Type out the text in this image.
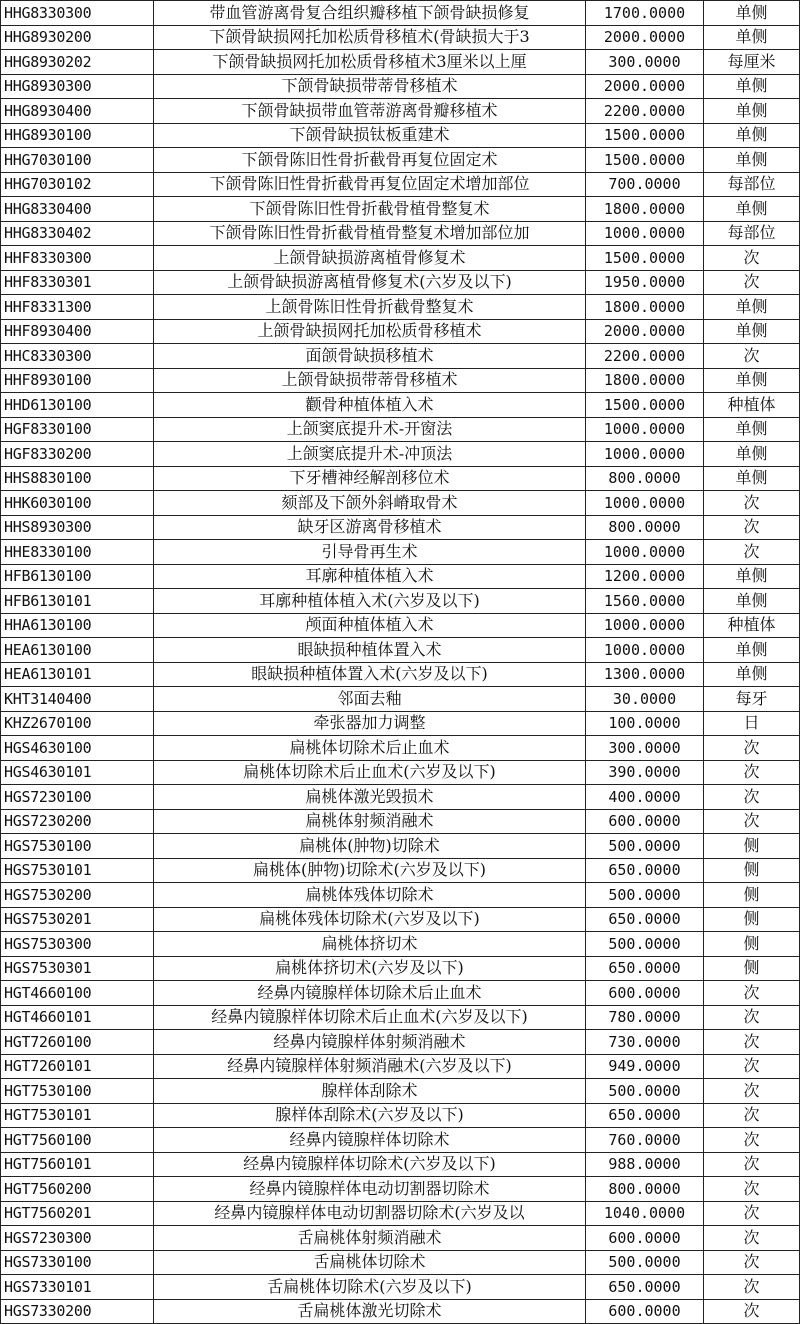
HHG8330300	带血管游离骨复合组织瓣移植下颌骨缺损修复	1700.0000	单侧
HHG8930200	下颌骨缺损网托加松质骨移植术(骨缺损大于3	2000.0000	单侧
HHG8930202	下颌骨缺损网托加松质骨移植术3厘米以上厘	300.0000	每厘米
HHG8930300	下颌骨缺损带蒂骨移植术	2000.0000	单侧
HHG8930400	下颌骨缺损带血管蒂游离骨瓣移植术	2200.0000	单侧
HHG8930100	下颌骨缺损钛板重建术	1500.0000	单侧
HHG7030100	下颌骨陈旧性骨折截骨再复位固定术	1500.0000	单侧
HHG7030102	下颌骨陈旧性骨折截骨再复位固定术增加部位	700.0000	每部位
HHG8330400	下颌骨陈旧性骨折截骨植骨整复术	1800.0000	单侧
HHG8330402	下颌骨陈旧性骨折截骨植骨整复术增加部位加	1000.0000	每部位
HHF8330300	上颌骨缺损游离植骨修复术	1500.0000	次
HHF8330301	上颌骨缺损游离植骨修复术(六岁及以下)	1950.0000	次
HHF8331300	上颌骨陈旧性骨折截骨整复术	1800.0000	单侧
HHF8930400	上颌骨缺损网托加松质骨移植术	2000.0000	单侧
HHC8330300	面颌骨缺损移植术	2200.0000	次
HHF8930100	上颌骨缺损带蒂骨移植术	1800.0000	单侧
HHD6130100	颧骨种植体植入术	1500.0000	种植体
HGF8330100	上颌窦底提升术-开窗法	1000.0000	单侧
HGF8330200	上颌窦底提升术-冲顶法	1000.0000	单侧
HHS8830100	下牙槽神经解剖移位术	800.0000	单侧
HHK6030100	颏部及下颌外斜嵴取骨术	1000.0000	次
HHS8930300	缺牙区游离骨移植术	800.0000	次
HHE8330100	引导骨再生术	1000.0000	次
HFB6130100	耳廓种植体植入术	1200.0000	单侧
HFB6130101	耳廓种植体植入术(六岁及以下)	1560.0000	单侧
HHA6130100	颅面种植体植入术	1000.0000	种植体
HEA6130100	眼缺损种植体置入术	1000.0000	单侧
HEA6130101	眼缺损种植体置入术(六岁及以下)	1300.0000	单侧
KHT3140400	邻面去釉	30.0000	每牙
KHZ2670100	牵张器加力调整	100.0000	日
HGS4630100	扁桃体切除术后止血术	300.0000	次
HGS4630101	扁桃体切除术后止血术(六岁及以下)	390.0000	次
HGS7230100	扁桃体激光毁损术	400.0000	次
HGS7230200	扁桃体射频消融术	600.0000	次
HGS7530100	扁桃体(肿物)切除术	500.0000	侧
HGS7530101	扁桃体(肿物)切除术(六岁及以下)	650.0000	侧
HGS7530200	扁桃体残体切除术	500.0000	侧
HGS7530201	扁桃体残体切除术(六岁及以下)	650.0000	侧
HGS7530300	扁桃体挤切术	500.0000	侧
HGS7530301	扁桃体挤切术(六岁及以下)	650.0000	侧
HGT4660100	经鼻内镜腺样体切除术后止血术	600.0000	次
HGT4660101	经鼻内镜腺样体切除术后止血术(六岁及以下)	780.0000	次
HGT7260100	经鼻内镜腺样体射频消融术	730.0000	次
HGT7260101	经鼻内镜腺样体射频消融术(六岁及以下)	949.0000	次
HGT7530100	腺样体刮除术	500.0000	次
HGT7530101	腺样体刮除术(六岁及以下)	650.0000	次
HGT7560100	经鼻内镜腺样体切除术	760.0000	次
HGT7560101	经鼻内镜腺样体切除术(六岁及以下)	988.0000	次
HGT7560200	经鼻内镜腺样体电动切割器切除术	800.0000	次
HGT7560201	经鼻内镜腺样体电动切割器切除术(六岁及以	1040.0000	次
HGS7230300	舌扁桃体射频消融术	600.0000	次
HGS7330100	舌扁桃体切除术	500.0000	次
HGS7330101	舌扁桃体切除术(六岁及以下)	650.0000	次
HGS7330200	舌扁桃体激光切除术	600.0000	次
